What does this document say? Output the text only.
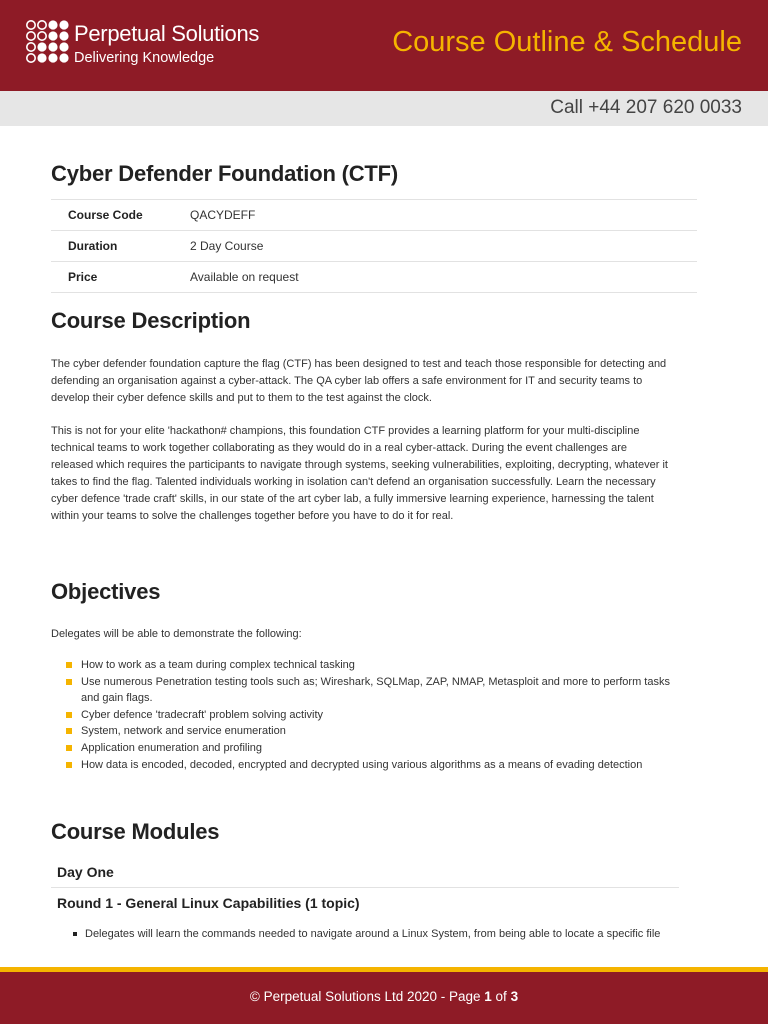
Perpetual Solutions
Delivering Knowledge	Course Outline & Schedule
Call +44 207 620 0033
Cyber Defender Foundation (CTF)
Course Code	QACYDEFF
Duration	2 Day Course
Price	Available on request
Course Description

The cyber defender foundation capture the flag (CTF) has been designed to test and teach those responsible for detecting and defending an organisation against a cyber-attack. The QA cyber lab offers a safe environment for IT and security teams to develop their cyber defence skills and put to them to the test against the clock.

This is not for your elite 'hackathon# champions, this foundation CTF provides a learning platform for your multi-discipline technical teams to work together collaborating as they would do in a real cyber-attack. During the event challenges are released which requires the participants to navigate through systems, seeking vulnerabilities, exploiting, decrypting, whatever it takes to find the flag. Talented individuals working in isolation can't defend an organisation successfully. Learn the necessary cyber defence 'trade craft' skills, in our state of the art cyber lab, a fully immersive learning experience, harnessing the talent within your teams to solve the challenges together before you have to do it for real.

Objectives

Delegates will be able to demonstrate the following:

How to work as a team during complex technical tasking
Use numerous Penetration testing tools such as; Wireshark, SQLMap, ZAP, NMAP, Metasploit and more to perform tasks and gain flags.
Cyber defence 'tradecraft' problem solving activity
System, network and service enumeration
Application enumeration and profiling
How data is encoded, decoded, encrypted and decrypted using various algorithms as a means of evading detection
Course Modules
Day One
Round 1 - General Linux Capabilities (1 topic)
Delegates will learn the commands needed to navigate around a Linux System, from being able to locate a specific file
© Perpetual Solutions Ltd 2020 - Page 1 of 3
